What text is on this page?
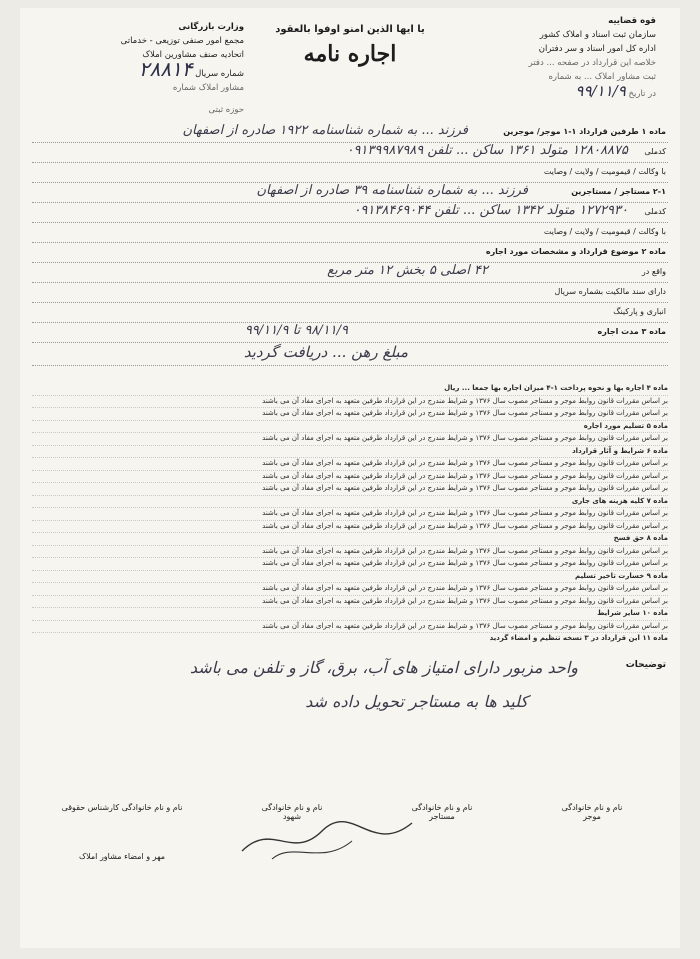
قوه قضاییه
سازمان ثبت اسناد و املاک کشور
اداره کل امور اسناد و سر دفتران
خلاصه این قرارداد در صفحه ... دفتر
ثبت مشاور املاک ... به شماره
در تاریخ ۹۹/۱۱/۹
یا ایها الذین امنو اوفوا بالعقود
اجاره نامه
وزارت بازرگانی
مجمع امور صنفی توزیعی - خدماتی
اتحادیه صنف مشاورین املاک
شماره سریال ۲۸۸۱۴
مشاور املاک شماره
حوزه ثبتی
ماده ۱ طرفین قرارداد ۱-۱ موجر/ موجرین
فرزند ... به شماره شناسنامه ۱۹۲۲ صادره از اصفهان
کدملی
۱۲۸۰۸۸۷۵ متولد ۱۳۶۱ ساکن ... تلفن ۰۹۱۳۹۹۸۷۹۸۹
با وکالت / قیمومیت / ولایت / وصایت
۲-۱ مستاجر / مستاجرین
فرزند ... به شماره شناسنامه ۳۹ صادره از اصفهان
کدملی
۱۲۷۲۹۳۰ متولد ۱۳۴۲ ساکن ... تلفن ۰۹۱۳۸۴۶۹۰۴۴
با وکالت / قیمومیت / ولایت / وصایت
ماده ۲ موضوع قرارداد و مشخصات مورد اجاره
واقع در
۴۲ اصلی ۵ بخش ۱۲ متر مربع
دارای سند مالکیت بشماره سریال
انباری و پارکینگ
ماده ۳ مدت اجاره
۹۸/۱۱/۹ تا ۹۹/۱۱/۹
مبلغ رهن ... دریافت گردید
ماده ۴ اجاره بها و نحوه پرداخت ۱-۴ میزان اجاره بها جمعا ... ریال
بر اساس مقررات قانون روابط موجر و مستاجر مصوب سال ۱۳۷۶ و شرایط مندرج در این قرارداد طرفین متعهد به اجرای مفاد آن می باشند
بر اساس مقررات قانون روابط موجر و مستاجر مصوب سال ۱۳۷۶ و شرایط مندرج در این قرارداد طرفین متعهد به اجرای مفاد آن می باشند
ماده ۵ تسلیم مورد اجاره
بر اساس مقررات قانون روابط موجر و مستاجر مصوب سال ۱۳۷۶ و شرایط مندرج در این قرارداد طرفین متعهد به اجرای مفاد آن می باشند
ماده ۶ شرایط و آثار قرارداد
بر اساس مقررات قانون روابط موجر و مستاجر مصوب سال ۱۳۷۶ و شرایط مندرج در این قرارداد طرفین متعهد به اجرای مفاد آن می باشند
بر اساس مقررات قانون روابط موجر و مستاجر مصوب سال ۱۳۷۶ و شرایط مندرج در این قرارداد طرفین متعهد به اجرای مفاد آن می باشند
بر اساس مقررات قانون روابط موجر و مستاجر مصوب سال ۱۳۷۶ و شرایط مندرج در این قرارداد طرفین متعهد به اجرای مفاد آن می باشند
ماده ۷ کلیه هزینه های جاری
بر اساس مقررات قانون روابط موجر و مستاجر مصوب سال ۱۳۷۶ و شرایط مندرج در این قرارداد طرفین متعهد به اجرای مفاد آن می باشند
بر اساس مقررات قانون روابط موجر و مستاجر مصوب سال ۱۳۷۶ و شرایط مندرج در این قرارداد طرفین متعهد به اجرای مفاد آن می باشند
ماده ۸ حق فسخ
بر اساس مقررات قانون روابط موجر و مستاجر مصوب سال ۱۳۷۶ و شرایط مندرج در این قرارداد طرفین متعهد به اجرای مفاد آن می باشند
بر اساس مقررات قانون روابط موجر و مستاجر مصوب سال ۱۳۷۶ و شرایط مندرج در این قرارداد طرفین متعهد به اجرای مفاد آن می باشند
ماده ۹ خسارت تاخیر تسلیم
بر اساس مقررات قانون روابط موجر و مستاجر مصوب سال ۱۳۷۶ و شرایط مندرج در این قرارداد طرفین متعهد به اجرای مفاد آن می باشند
بر اساس مقررات قانون روابط موجر و مستاجر مصوب سال ۱۳۷۶ و شرایط مندرج در این قرارداد طرفین متعهد به اجرای مفاد آن می باشند
ماده ۱۰ سایر شرایط
بر اساس مقررات قانون روابط موجر و مستاجر مصوب سال ۱۳۷۶ و شرایط مندرج در این قرارداد طرفین متعهد به اجرای مفاد آن می باشند
ماده ۱۱ این قرارداد در ۳ نسخه تنظیم و امضاء گردید
توضیحات
واحد مزبور دارای امتیاز های آب، برق، گاز و تلفن می باشد
کلید ها به مستاجر تحویل داده شد
نام و نام خانوادگی
موجر
نام و نام خانوادگی
مستاجر
نام و نام خانوادگی
شهود
نام و نام خانوادگی کارشناس حقوقی
مهر و امضاء مشاور املاک
